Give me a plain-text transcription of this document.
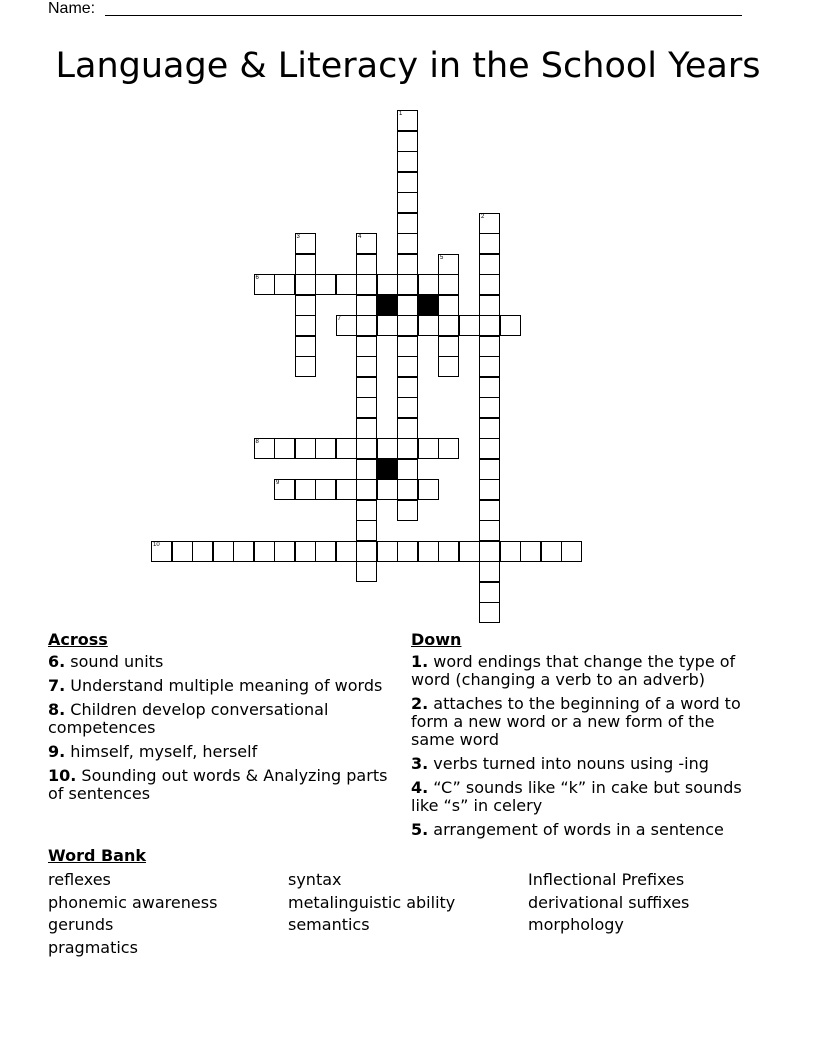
Name:
Language & Literacy in the School Years
1
2
3	4
5
6
7
8
9
10
Across
6. sound units
7. Understand multiple meaning of words
8. Children develop conversational competences
9. himself, myself, herself
10. Sounding out words & Analyzing parts of sentences
Down
1. word endings that change the type of word (changing a verb to an adverb)
2. attaches to the beginning of a word to form a new word or a new form of the same word
3. verbs turned into nouns using -ing
4. “C” sounds like “k” in cake but sounds like “s” in celery
5. arrangement of words in a sentence
Word Bank
reflexes
phonemic awareness
gerunds
pragmatics
syntax
metalinguistic ability
semantics
Inflectional Prefixes
derivational suffixes
morphology
